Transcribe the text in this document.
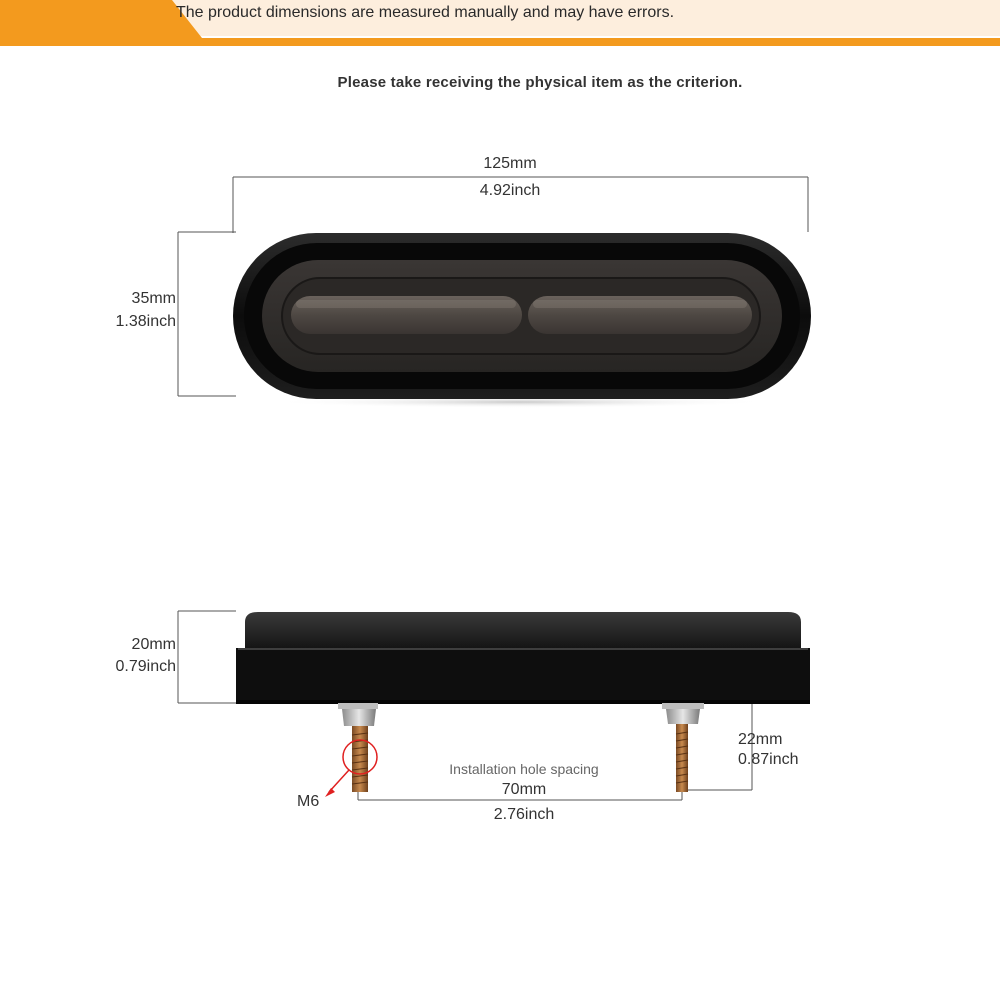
The product dimensions are measured manually and may have errors.
Please take receiving the physical item as the criterion.
125mm
4.92inch
35mm
1.38inch
20mm
0.79inch
22mm
0.87inch
Installation hole spacing
70mm
2.76inch
M6
